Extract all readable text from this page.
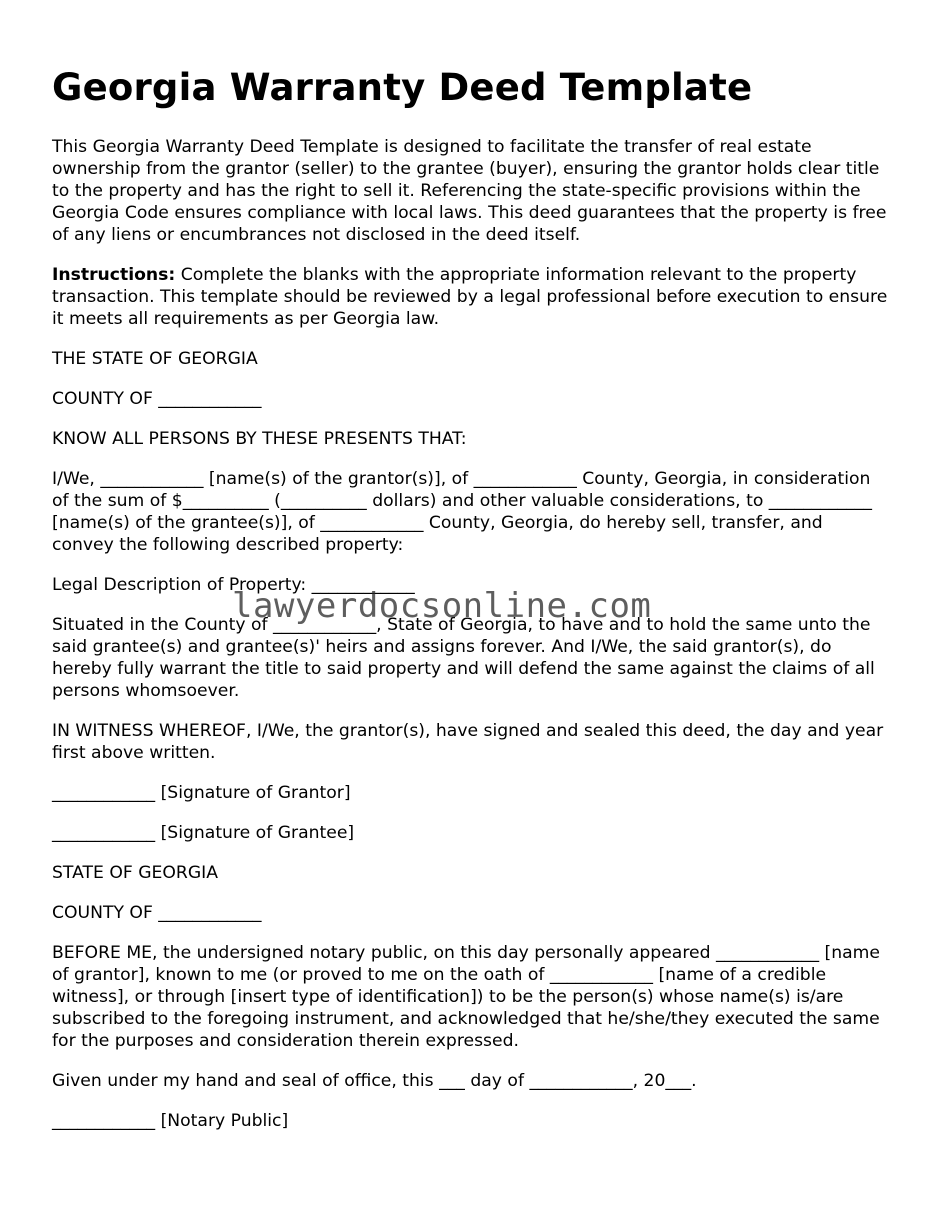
Georgia Warranty Deed Template

This Georgia Warranty Deed Template is designed to facilitate the transfer of real estate ownership from the grantor (seller) to the grantee (buyer), ensuring the grantor holds clear title to the property and has the right to sell it. Referencing the state-specific provisions within the Georgia Code ensures compliance with local laws. This deed guarantees that the property is free of any liens or encumbrances not disclosed in the deed itself.

Instructions: Complete the blanks with the appropriate information relevant to the property transaction. This template should be reviewed by a legal professional before execution to ensure it meets all requirements as per Georgia law.

THE STATE OF GEORGIA

COUNTY OF ____________

KNOW ALL PERSONS BY THESE PRESENTS THAT:

I/We, ____________ [name(s) of the grantor(s)], of ____________ County, Georgia, in consideration of the sum of $__________ (__________ dollars) and other valuable considerations, to ____________ [name(s) of the grantee(s)], of ____________ County, Georgia, do hereby sell, transfer, and convey the following described property:

Legal Description of Property: ____________

Situated in the County of ____________, State of Georgia, to have and to hold the same unto the said grantee(s) and grantee(s)' heirs and assigns forever. And I/We, the said grantor(s), do hereby fully warrant the title to said property and will defend the same against the claims of all persons whomsoever.

IN WITNESS WHEREOF, I/We, the grantor(s), have signed and sealed this deed, the day and year first above written.

____________ [Signature of Grantor]

____________ [Signature of Grantee]

STATE OF GEORGIA

COUNTY OF ____________

BEFORE ME, the undersigned notary public, on this day personally appeared ____________ [name of grantor], known to me (or proved to me on the oath of ____________ [name of a credible witness], or through [insert type of identification]) to be the person(s) whose name(s) is/are subscribed to the foregoing instrument, and acknowledged that he/she/they executed the same for the purposes and consideration therein expressed.

Given under my hand and seal of office, this ___ day of ____________, 20___.

____________ [Notary Public]

lawyerdocsonline.com
